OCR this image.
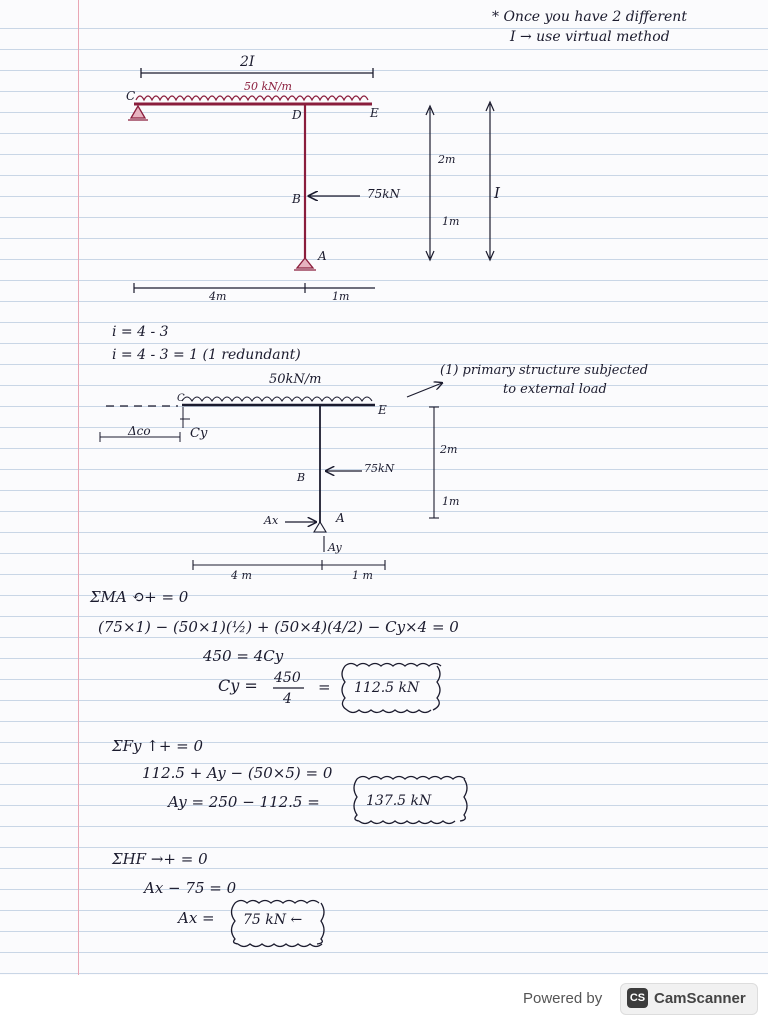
* Once you have 2 different
I → use virtual method
2I
50 kN/m
C
D	E
B
A
75kN
2m
1m
I
4m	1m
i = 4 - 3
i = 4 - 3 = 1 (1 redundant)
50kN/m
C
E
B
A
75kN
Δco	Cy
Ax
Ay
2m
1m
4 m	1 m
(1) primary structure subjected
to external load
ΣMA ⟲+ = 0
(75×1) − (50×1)(½) + (50×4)(4/2) − Cy×4 = 0
450 = 4Cy
Cy = 450
4
= 112.5 kN
ΣFy ↑+ = 0
112.5 + Ay − (50×5) = 0
Ay = 250 − 112.5 =	137.5 kN
ΣHF →+ = 0
Ax − 75 = 0
Ax = 75 kN ←
Powered by	CS CamScanner
